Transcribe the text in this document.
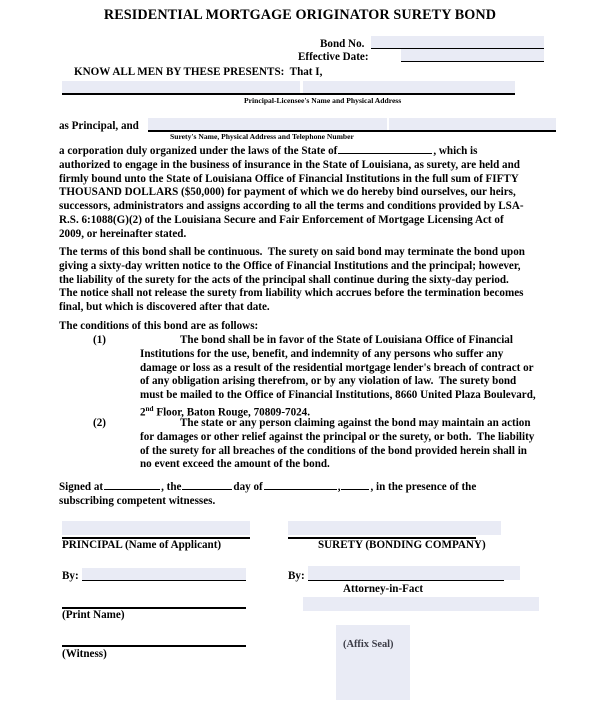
RESIDENTIAL MORTGAGE ORIGINATOR SURETY BOND
Bond No.
Effective Date:
KNOW ALL MEN BY THESE PRESENTS:  That I,
Principal-Licensee's Name and Physical Address
as Principal, and
Surety's Name, Physical Address and Telephone Number
a corporation duly organized under the laws of the State of	, which is
authorized to engage in the business of insurance in the State of Louisiana, as surety, are held and
firmly bound unto the State of Louisiana Office of Financial Institutions in the full sum of FIFTY
THOUSAND DOLLARS ($50,000) for payment of which we do hereby bind ourselves, our heirs,
successors, administrators and assigns according to all the terms and conditions provided by LSA-
R.S. 6:1088(G)(2) of the Louisiana Secure and Fair Enforcement of Mortgage Licensing Act of
2009, or hereinafter stated.
The terms of this bond shall be continuous.  The surety on said bond may terminate the bond upon
giving a sixty-day written notice to the Office of Financial Institutions and the principal; however,
the liability of the surety for the acts of the principal shall continue during the sixty-day period.
The notice shall not release the surety from liability which accrues before the termination becomes
final, but which is discovered after that date.
The conditions of this bond are as follows:
(1)	The bond shall be in favor of the State of Louisiana Office of Financial
Institutions for the use, benefit, and indemnity of any persons who suffer any
damage or loss as a result of the residential mortgage lender's breach of contract or
of any obligation arising therefrom, or by any violation of law.  The surety bond
must be mailed to the Office of Financial Institutions, 8660 United Plaza Boulevard,
2nd Floor, Baton Rouge, 70809-7024.
(2)	The state or any person claiming against the bond may maintain an action
for damages or other relief against the principal or the surety, or both.  The liability
of the surety for all breaches of the conditions of the bond provided herein shall in
no event exceed the amount of the bond.
Signed at	, the	day of	,	, in the presence of the
subscribing competent witnesses.
PRINCIPAL (Name of Applicant)	SURETY (BONDING COMPANY)
By:	By:
Attorney-in-Fact
(Print Name)
(Witness)
(Affix Seal)
